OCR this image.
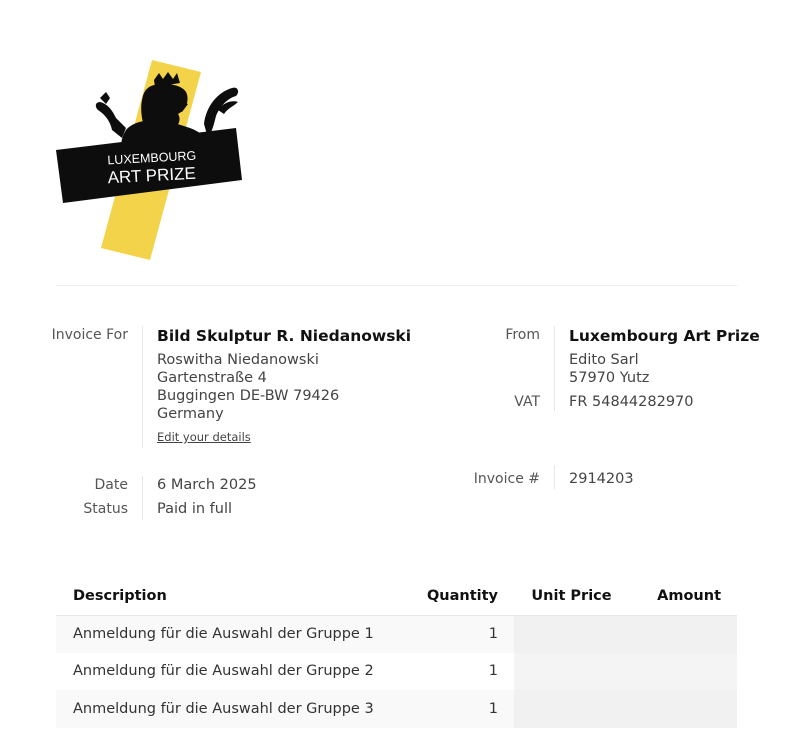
LUXEMBOURG
ART PRIZE
Invoice For Bild Skulptur R. Niedanowski
Roswitha Niedanowski
Gartenstraße 4
Buggingen DE-BW 79426
Germany
Edit your details
From Luxembourg Art Prize
Edito Sarl
57970 Yutz
VAT FR 54844282970
Date 6 March 2025
Status Paid in full
Invoice # 2914203
Description	Quantity	Unit Price	Amount
Anmeldung für die Auswahl der Gruppe 1	1		
Anmeldung für die Auswahl der Gruppe 2	1		
Anmeldung für die Auswahl der Gruppe 3	1		
